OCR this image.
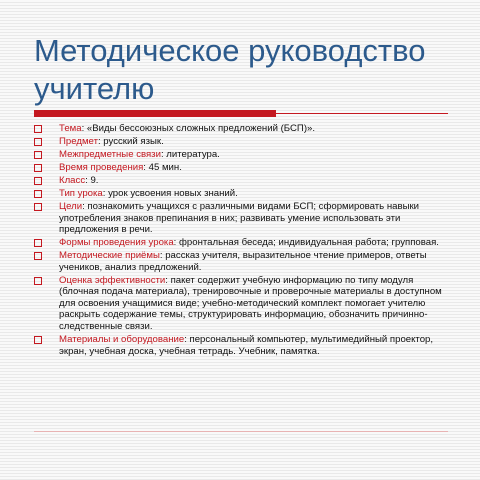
Методическое руководство учителю
Тема: «Виды бессоюзных сложных предложений (БСП)».
Предмет: русский язык.
Межпредметные связи: литература.
Время проведения: 45 мин.
Класс: 9.
Тип урока: урок усвоения новых знаний.
Цели: познакомить учащихся с различными видами БСП; сформировать навыки употребления знаков препинания в них; развивать умение использовать эти предложения в речи.
Формы проведения урока: фронтальная беседа; индивидуальная работа; групповая.
Методические приёмы: рассказ учителя, выразительное чтение примеров, ответы учеников, анализ предложений.
Оценка эффективности: пакет содержит учебную информацию по типу модуля (блочная подача материала), тренировочные и проверочные материалы в доступном для освоения учащимися виде; учебно-методический комплект помогает учителю раскрыть содержание темы, структурировать информацию, обозначить причинно-следственные связи.
Материалы и оборудование: персональный компьютер, мультимедийный проектор, экран, учебная доска, учебная тетрадь. Учебник, памятка.
